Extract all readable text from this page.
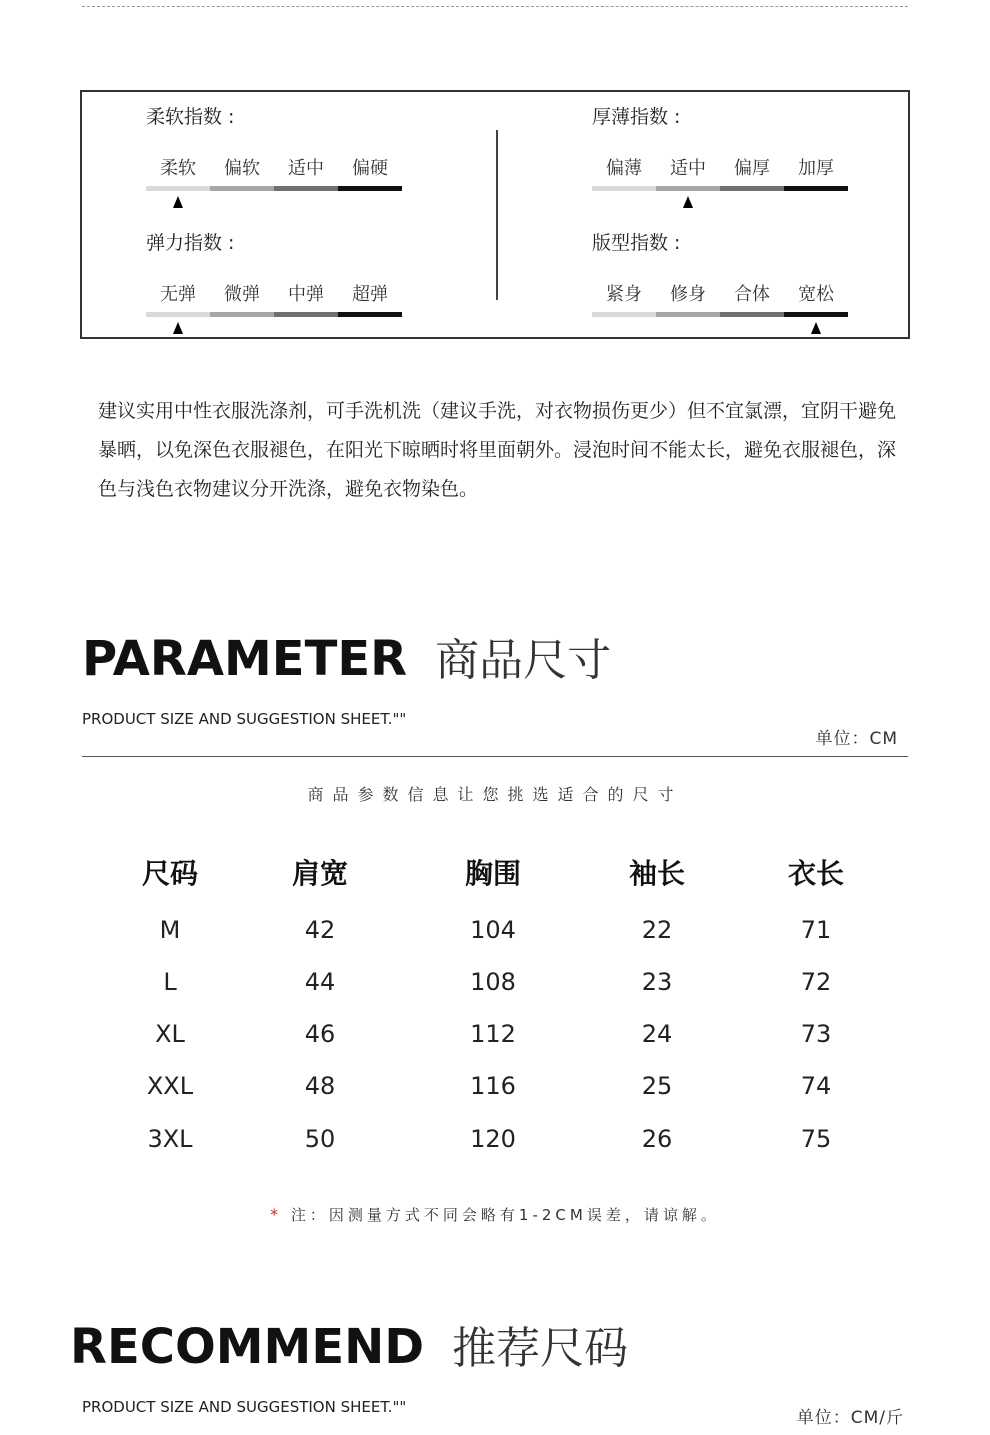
柔软指数 :
柔软	偏软	适中	偏硬
厚薄指数 :
偏薄	适中	偏厚	加厚
弹力指数 :
无弹	微弹	中弹	超弹
版型指数 :
紧身	修身	合体	宽松
建议实用中性衣服洗涤剂，可手洗机洗（建议手洗，对衣物损伤更少）但不宜氯漂，宜阴干避免暴晒，以免深色衣服褪色，在阳光下晾晒时将里面朝外。浸泡时间不能太长，避免衣服褪色，深色与浅色衣物建议分开洗涤，避免衣物染色。
PARAMETER 商品尺寸
PRODUCT SIZE AND SUGGESTION SHEET.""
单位：CM
商品参数信息让您挑选适合的尺寸
尺码	肩宽	胸围	袖长	衣长
M	42	104	22	71
L	44	108	23	72
XL	46	112	24	73
XXL	48	116	25	74
3XL	50	120	26	75
* 注：因测量方式不同会略有1-2CM误差，请谅解。
RECOMMEND 推荐尺码
PRODUCT SIZE AND SUGGESTION SHEET.""
单位：CM/斤
